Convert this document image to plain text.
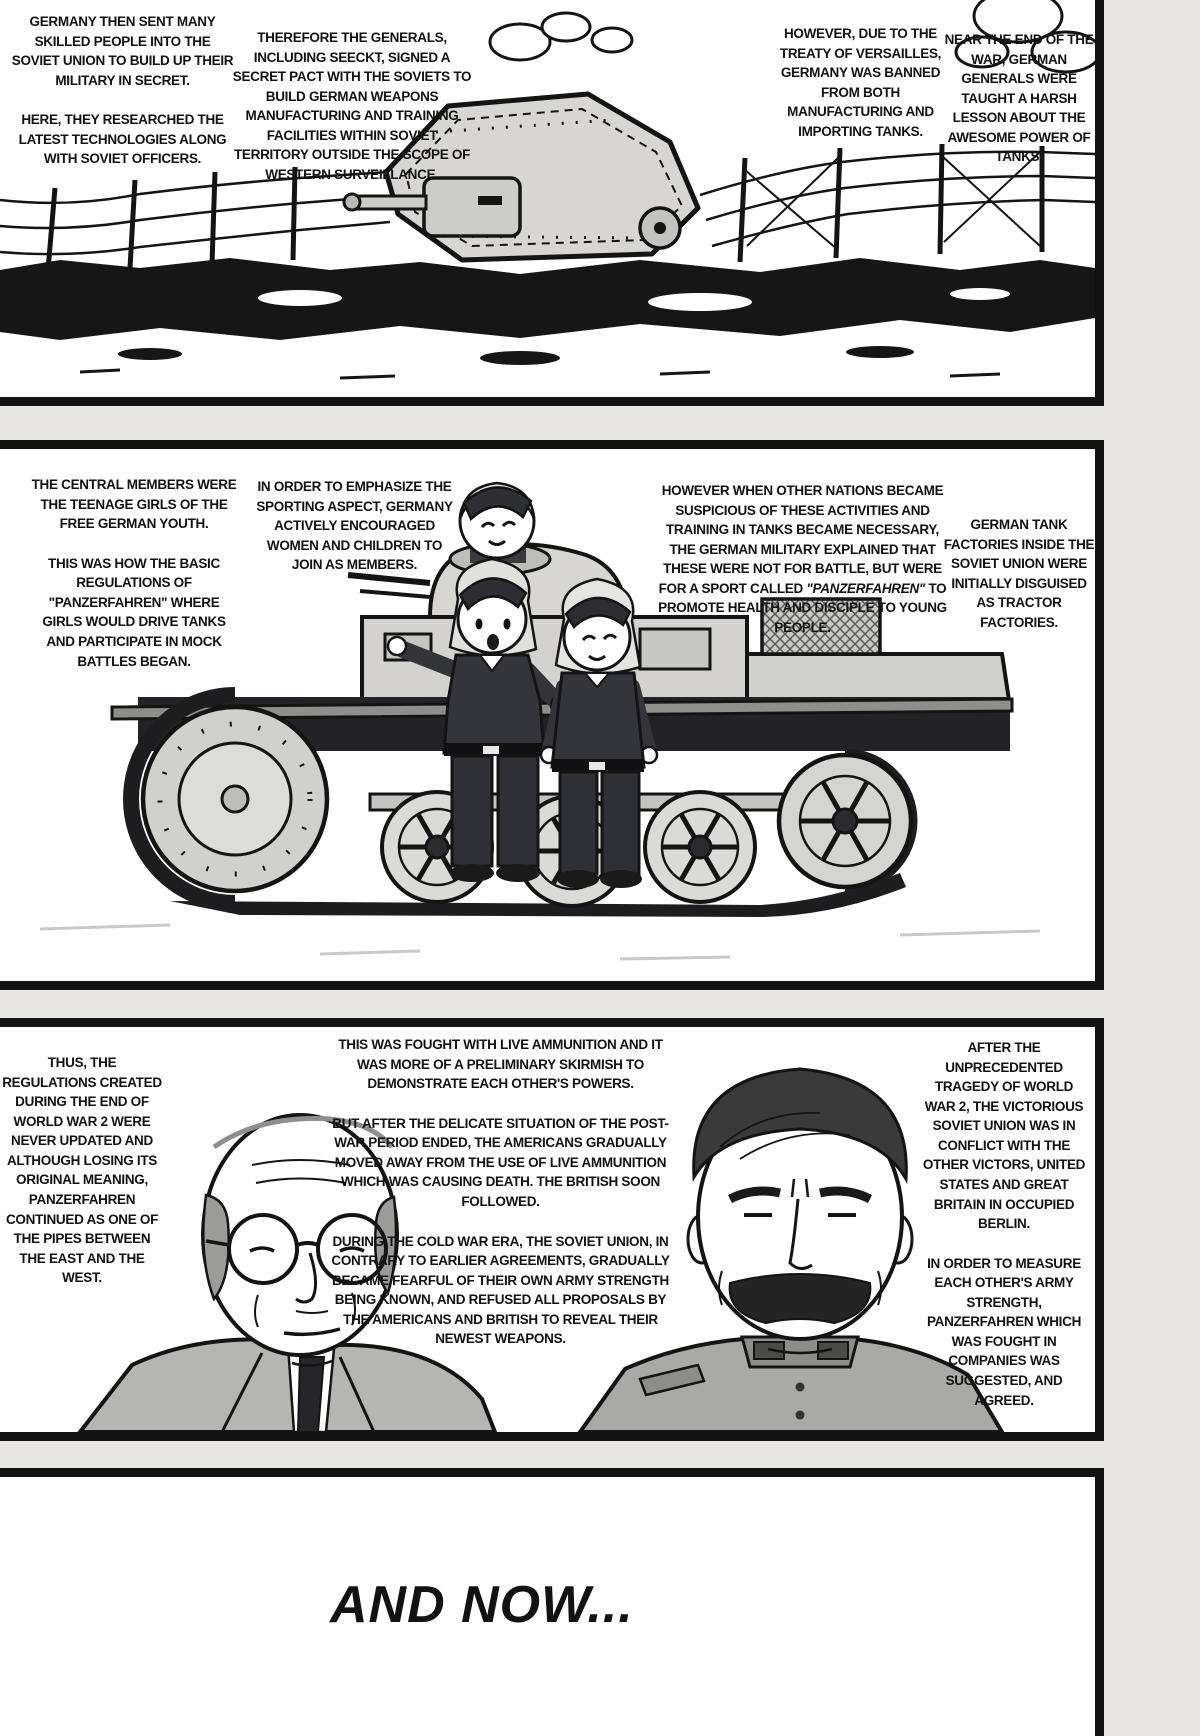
GERMANY THEN SENT MANY SKILLED PEOPLE INTO THE SOVIET UNION TO BUILD UP THEIR MILITARY IN SECRET.

HERE, THEY RESEARCHED THE LATEST TECHNOLOGIES ALONG WITH SOVIET OFFICERS.

THEREFORE THE GENERALS, INCLUDING SEECKT, SIGNED A SECRET PACT WITH THE SOVIETS TO BUILD GERMAN WEAPONS MANUFACTURING AND TRAINING FACILITIES WITHIN SOVIET TERRITORY OUTSIDE THE SCOPE OF WESTERN SURVEILLANCE.

HOWEVER, DUE TO THE TREATY OF VERSAILLES, GERMANY WAS BANNED FROM BOTH MANUFACTURING AND IMPORTING TANKS.

NEAR THE END OF THE WAR, GERMAN GENERALS WERE TAUGHT A HARSH LESSON ABOUT THE AWESOME POWER OF TANKS.

THE CENTRAL MEMBERS WERE THE TEENAGE GIRLS OF THE FREE GERMAN YOUTH.

THIS WAS HOW THE BASIC REGULATIONS OF "PANZERFAHREN" WHERE GIRLS WOULD DRIVE TANKS AND PARTICIPATE IN MOCK BATTLES BEGAN.

IN ORDER TO EMPHASIZE THE SPORTING ASPECT, GERMANY ACTIVELY ENCOURAGED WOMEN AND CHILDREN TO JOIN AS MEMBERS.

HOWEVER WHEN OTHER NATIONS BECAME SUSPICIOUS OF THESE ACTIVITIES AND TRAINING IN TANKS BECAME NECESSARY, THE GERMAN MILITARY EXPLAINED THAT THESE WERE NOT FOR BATTLE, BUT WERE FOR A SPORT CALLED "PANZERFAHREN" TO PROMOTE HEALTH AND DISCIPLE TO YOUNG PEOPLE.

GERMAN TANK FACTORIES INSIDE THE SOVIET UNION WERE INITIALLY DISGUISED AS TRACTOR FACTORIES.

THUS, THE REGULATIONS CREATED DURING THE END OF WORLD WAR 2 WERE NEVER UPDATED AND ALTHOUGH LOSING ITS ORIGINAL MEANING, PANZERFAHREN CONTINUED AS ONE OF THE PIPES BETWEEN THE EAST AND THE WEST.

THIS WAS FOUGHT WITH LIVE AMMUNITION AND IT WAS MORE OF A PRELIMINARY SKIRMISH TO DEMONSTRATE EACH OTHER'S POWERS.

BUT AFTER THE DELICATE SITUATION OF THE POST-WAR PERIOD ENDED, THE AMERICANS GRADUALLY MOVED AWAY FROM THE USE OF LIVE AMMUNITION WHICH WAS CAUSING DEATH. THE BRITISH SOON FOLLOWED.

DURING THE COLD WAR ERA, THE SOVIET UNION, IN CONTRARY TO EARLIER AGREEMENTS, GRADUALLY BECAME FEARFUL OF THEIR OWN ARMY STRENGTH BEING KNOWN, AND REFUSED ALL PROPOSALS BY THE AMERICANS AND BRITISH TO REVEAL THEIR NEWEST WEAPONS.

AFTER THE UNPRECEDENTED TRAGEDY OF WORLD WAR 2, THE VICTORIOUS SOVIET UNION WAS IN CONFLICT WITH THE OTHER VICTORS, UNITED STATES AND GREAT BRITAIN IN OCCUPIED BERLIN.

IN ORDER TO MEASURE EACH OTHER'S ARMY STRENGTH, PANZERFAHREN WHICH WAS FOUGHT IN COMPANIES WAS SUGGESTED, AND AGREED.

AND NOW...
